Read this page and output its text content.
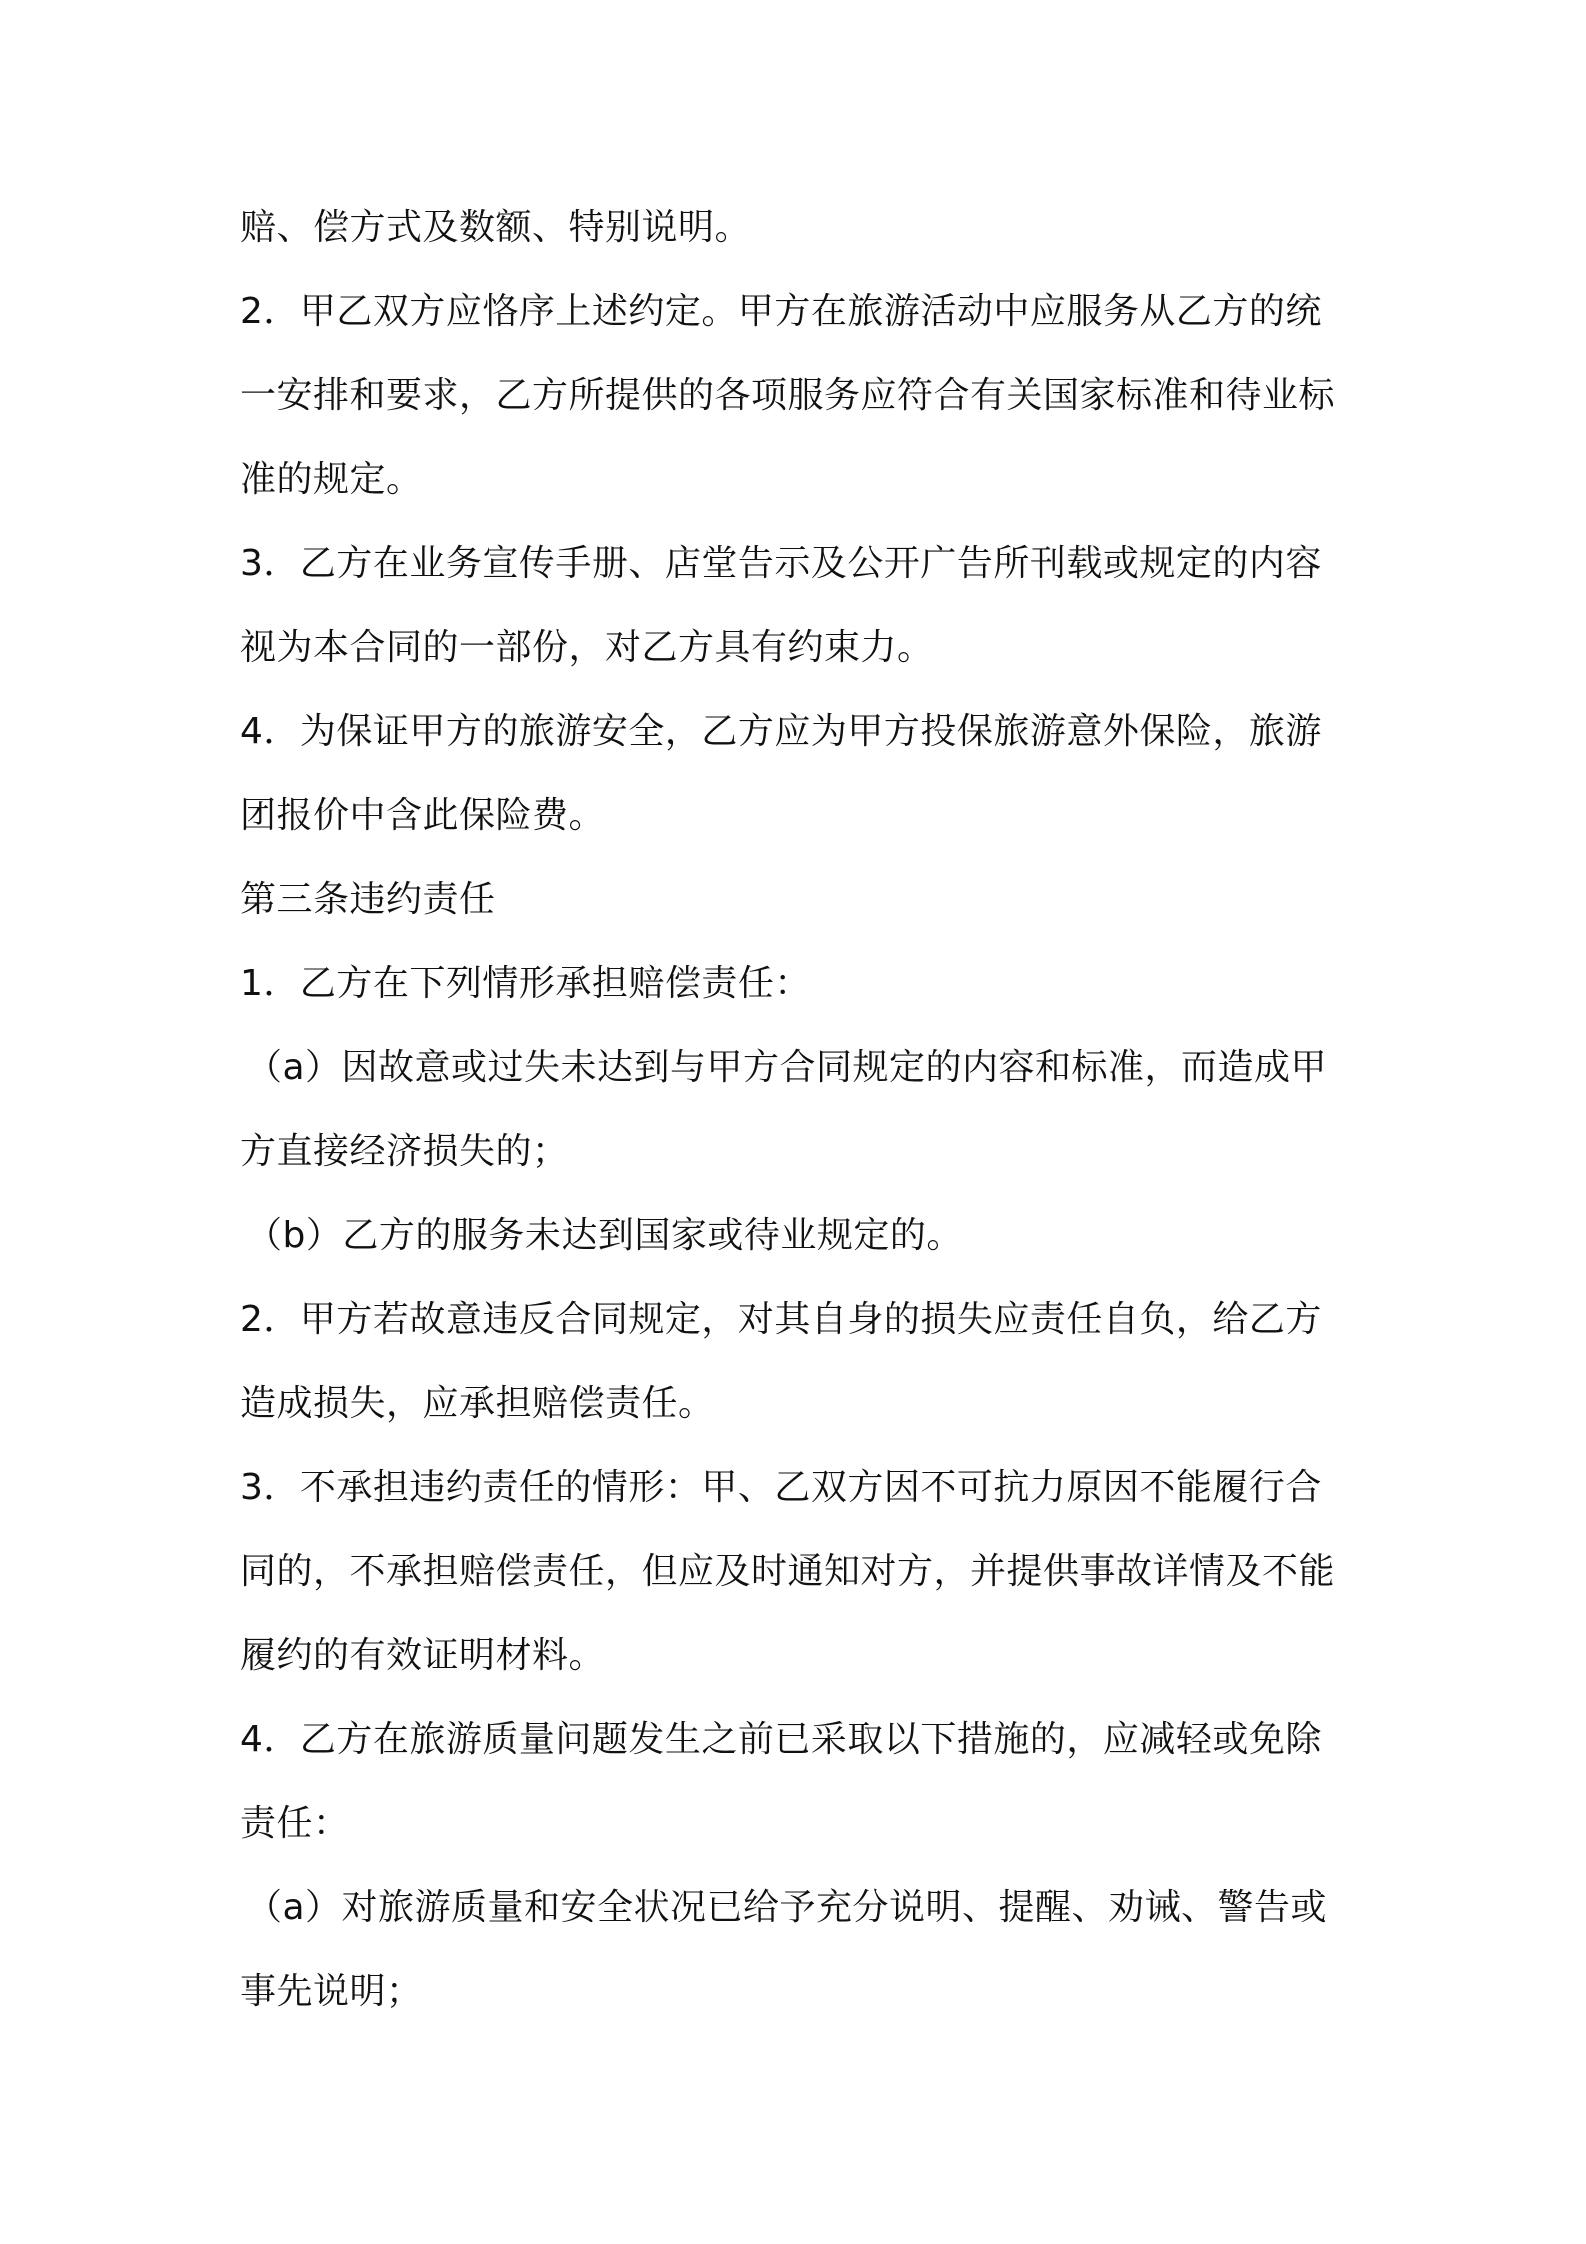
赔、偿方式及数额、特别说明。
2．甲乙双方应恪序上述约定。甲方在旅游活动中应服务从乙方的统
一安排和要求，乙方所提供的各项服务应符合有关国家标准和待业标
准的规定。
3．乙方在业务宣传手册、店堂告示及公开广告所刊载或规定的内容
视为本合同的一部份，对乙方具有约束力。
4．为保证甲方的旅游安全，乙方应为甲方投保旅游意外保险，旅游
团报价中含此保险费。
第三条违约责任
1．乙方在下列情形承担赔偿责任：
（a）因故意或过失未达到与甲方合同规定的内容和标准，而造成甲
方直接经济损失的；
（b）乙方的服务未达到国家或待业规定的。
2．甲方若故意违反合同规定，对其自身的损失应责任自负，给乙方
造成损失，应承担赔偿责任。
3．不承担违约责任的情形：甲、乙双方因不可抗力原因不能履行合
同的，不承担赔偿责任，但应及时通知对方，并提供事故详情及不能
履约的有效证明材料。
4．乙方在旅游质量问题发生之前已采取以下措施的，应减轻或免除
责任：
（a）对旅游质量和安全状况已给予充分说明、提醒、劝诫、警告或
事先说明；
